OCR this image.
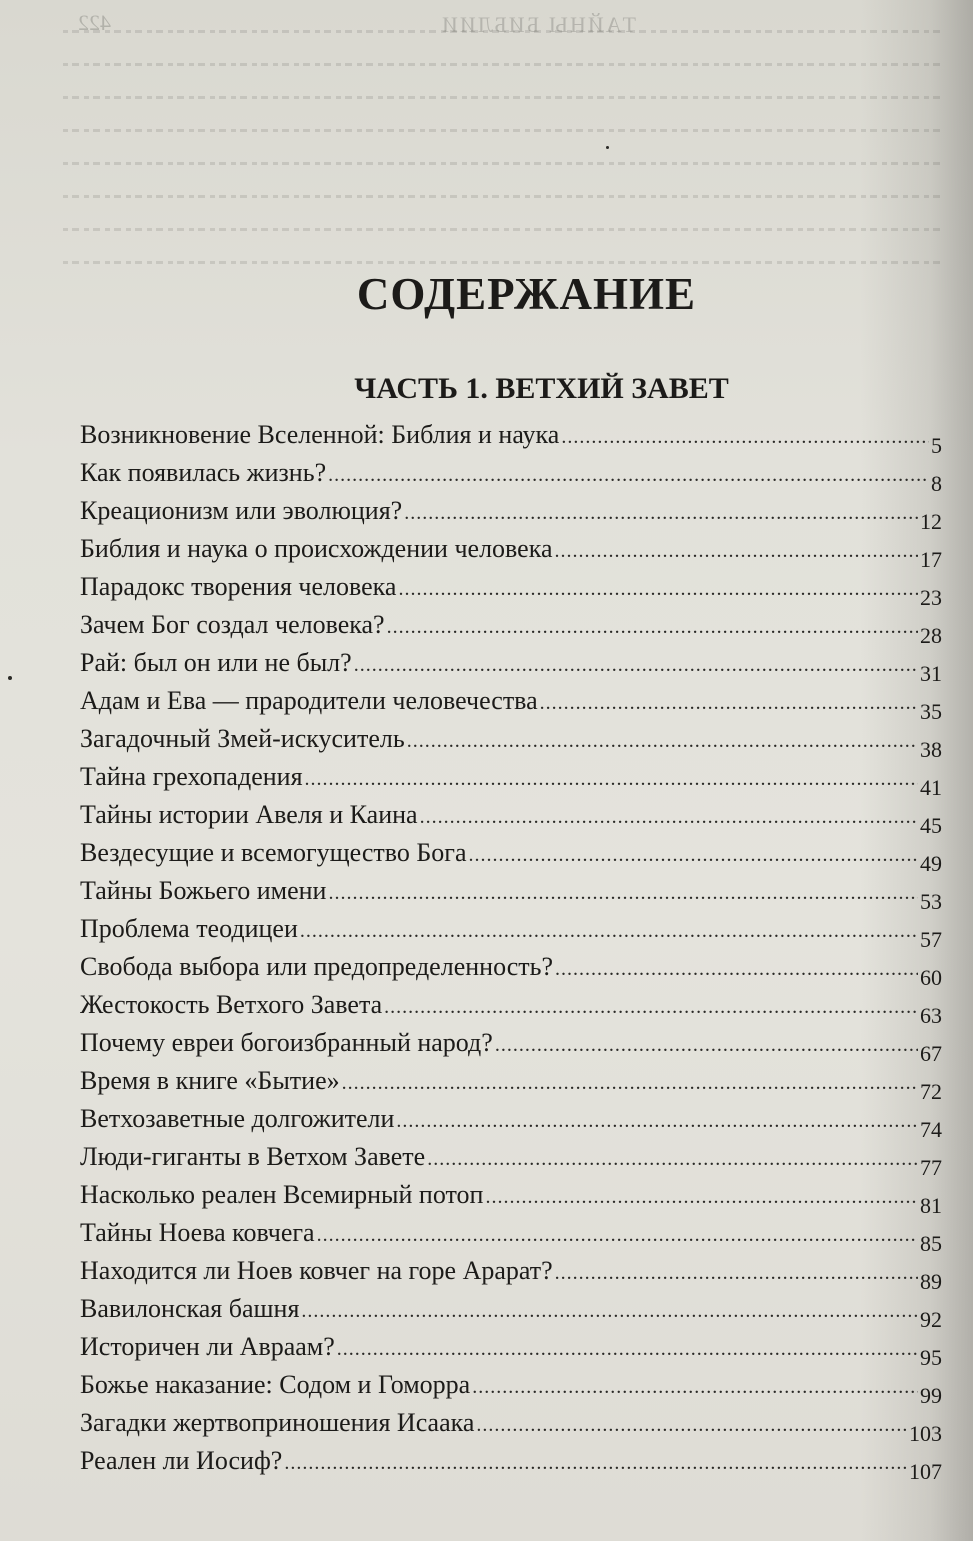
422	ТАЙНЫ БИБЛИИ
СОДЕРЖАНИЕ
ЧАСТЬ 1. ВЕТХИЙ ЗАВЕТ
Возникновение Вселенной: Библия и наука .....	5
Как появилась жизнь? .....	8
Креационизм или эволюция? .....	12
Библия и наука о происхождении человека .....	17
Парадокс творения человека .....	23
Зачем Бог создал человека? .....	28
Рай: был он или не был? .....	31
Адам и Ева — прародители человечества .....	35
Загадочный Змей-искуситель .....	38
Тайна грехопадения .....	41
Тайны истории Авеля и Каина .....	45
Вездесущие и всемогущество Бога .....	49
Тайны Божьего имени .....	53
Проблема теодицеи .....	57
Свобода выбора или предопределенность? .....	60
Жестокость Ветхого Завета .....	63
Почему евреи богоизбранный народ? .....	67
Время в книге «Бытие» .....	72
Ветхозаветные долгожители .....	74
Люди-гиганты в Ветхом Завете .....	77
Насколько реален Всемирный потоп .....	81
Тайны Ноева ковчега .....	85
Находится ли Ноев ковчег на горе Арарат? .....	89
Вавилонская башня .....	92
Историчен ли Авраам? .....	95
Божье наказание: Содом и Гоморра .....	99
Загадки жертвоприношения Исаака .....	103
Реален ли Иосиф? .....	107
